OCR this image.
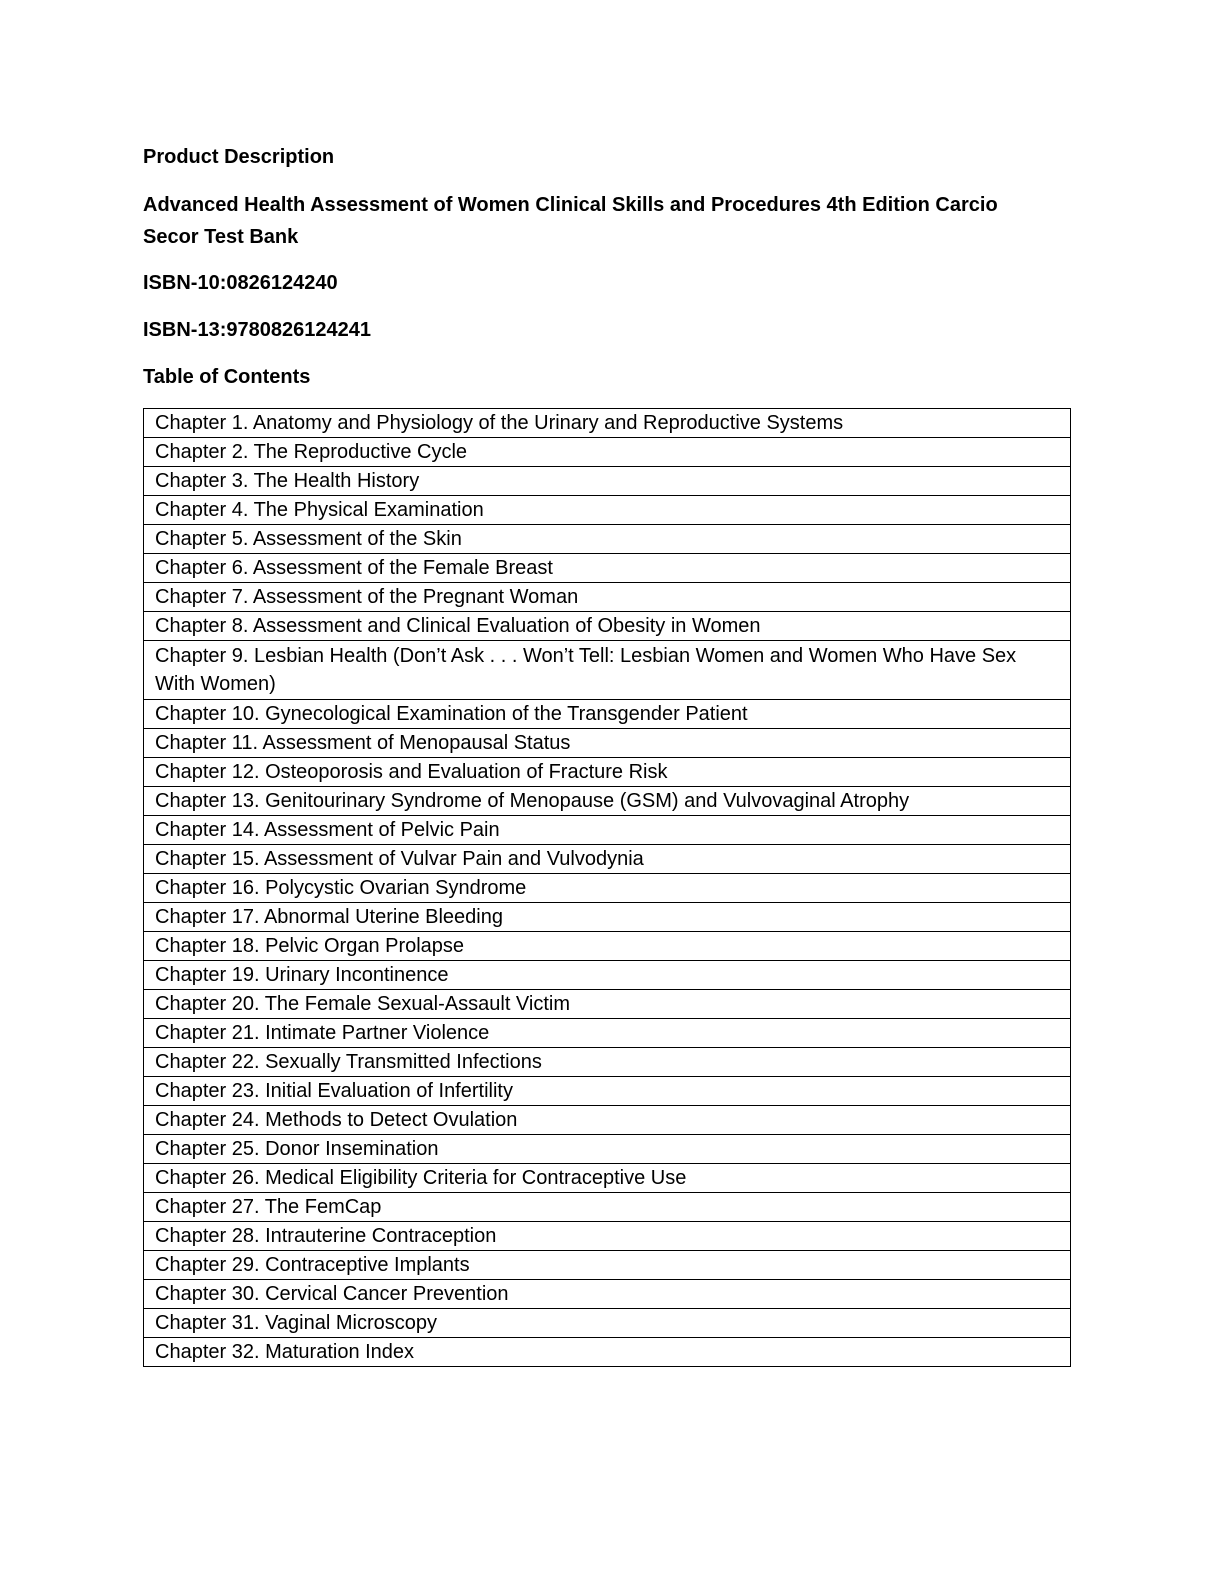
Product Description

Advanced Health Assessment of Women Clinical Skills and Procedures 4th Edition Carcio Secor Test Bank

ISBN-10:0826124240

ISBN-13:9780826124241

Table of Contents

Chapter 1. Anatomy and Physiology of the Urinary and Reproductive Systems
Chapter 2. The Reproductive Cycle
Chapter 3. The Health History
Chapter 4. The Physical Examination
Chapter 5. Assessment of the Skin
Chapter 6. Assessment of the Female Breast
Chapter 7. Assessment of the Pregnant Woman
Chapter 8. Assessment and Clinical Evaluation of Obesity in Women
Chapter 9. Lesbian Health (Don’t Ask . . . Won’t Tell: Lesbian Women and Women Who Have Sex With Women)
Chapter 10. Gynecological Examination of the Transgender Patient
Chapter 11. Assessment of Menopausal Status
Chapter 12. Osteoporosis and Evaluation of Fracture Risk
Chapter 13. Genitourinary Syndrome of Menopause (GSM) and Vulvovaginal Atrophy
Chapter 14. Assessment of Pelvic Pain
Chapter 15. Assessment of Vulvar Pain and Vulvodynia
Chapter 16. Polycystic Ovarian Syndrome
Chapter 17. Abnormal Uterine Bleeding
Chapter 18. Pelvic Organ Prolapse
Chapter 19. Urinary Incontinence
Chapter 20. The Female Sexual-Assault Victim
Chapter 21. Intimate Partner Violence
Chapter 22. Sexually Transmitted Infections
Chapter 23. Initial Evaluation of Infertility
Chapter 24. Methods to Detect Ovulation
Chapter 25. Donor Insemination
Chapter 26. Medical Eligibility Criteria for Contraceptive Use
Chapter 27. The FemCap
Chapter 28. Intrauterine Contraception
Chapter 29. Contraceptive Implants
Chapter 30. Cervical Cancer Prevention
Chapter 31. Vaginal Microscopy
Chapter 32. Maturation Index
